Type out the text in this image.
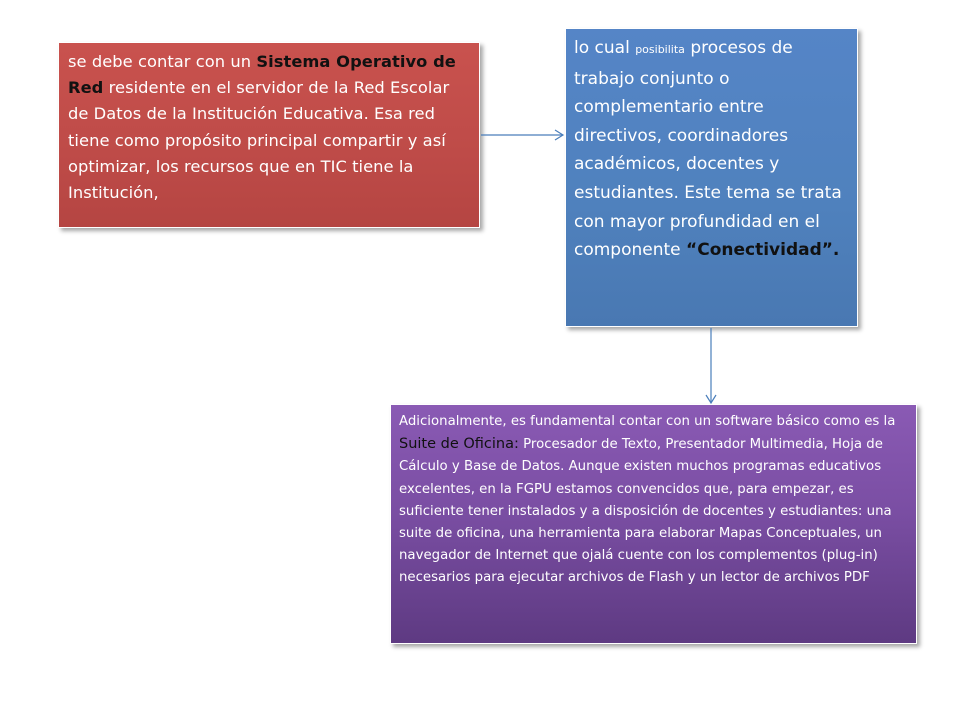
se debe contar con un Sistema Operativo de Red residente en el servidor de la Red Escolar de Datos de la Institución Educativa. Esa red tiene como propósito principal compartir y así optimizar, los recursos que en TIC tiene la Institución,
lo cual posibilita procesos de trabajo conjunto o complementario entre directivos, coordinadores académicos, docentes y estudiantes. Este tema se trata con mayor profundidad en el componente “Conectividad”.
Adicionalmente, es fundamental contar con un software básico como es la Suite de Oficina: Procesador de Texto, Presentador Multimedia, Hoja de Cálculo y Base de Datos. Aunque existen muchos programas educativos excelentes, en la FGPU estamos convencidos que, para empezar, es suficiente tener instalados y a disposición de docentes y estudiantes: una suite de oficina, una herramienta para elaborar Mapas Conceptuales, un navegador de Internet que ojalá cuente con los complementos (plug-in) necesarios para ejecutar archivos de Flash y un lector de archivos PDF
